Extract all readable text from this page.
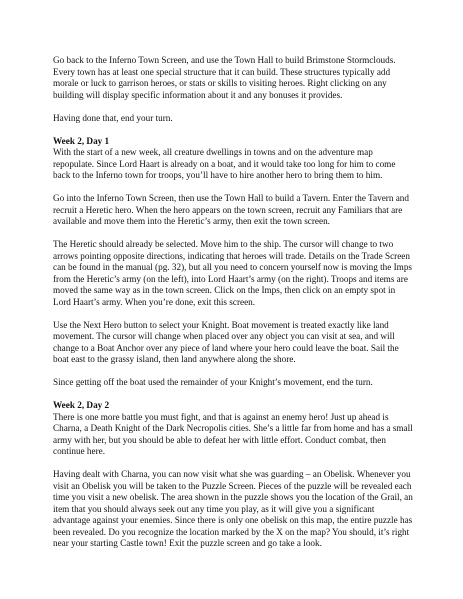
Go back to the Inferno Town Screen, and use the Town Hall to build Brimstone Stormclouds. Every town has at least one special structure that it can build. These structures typically add morale or luck to garrison heroes, or stats or skills to visiting heroes. Right clicking on any building will display specific information about it and any bonuses it provides.
Having done that, end your turn.
Week 2, Day 1
With the start of a new week, all creature dwellings in towns and on the adventure map repopulate. Since Lord Haart is already on a boat, and it would take too long for him to come back to the Inferno town for troops, you’ll have to hire another hero to bring them to him.
Go into the Inferno Town Screen, then use the Town Hall to build a Tavern. Enter the Tavern and recruit a Heretic hero. When the hero appears on the town screen, recruit any Familiars that are available and move them into the Heretic’s army, then exit the town screen.
The Heretic should already be selected. Move him to the ship. The cursor will change to two arrows pointing opposite directions, indicating that heroes will trade. Details on the Trade Screen can be found in the manual (pg. 32), but all you need to concern yourself now is moving the Imps from the Heretic’s army (on the left), into Lord Haart’s army (on the right). Troops and items are moved the same way as in the town screen. Click on the Imps, then click on an empty spot in Lord Haart’s army. When you’re done, exit this screen.
Use the Next Hero button to select your Knight. Boat movement is treated exactly like land movement. The cursor will change when placed over any object you can visit at sea, and will change to a Boat Anchor over any piece of land where your hero could leave the boat. Sail the boat east to the grassy island, then land anywhere along the shore.
Since getting off the boat used the remainder of your Knight’s movement, end the turn.
Week 2, Day 2
There is one more battle you must fight, and that is against an enemy hero! Just up ahead is Charna, a Death Knight of the Dark Necropolis cities. She’s a little far from home and has a small army with her, but you should be able to defeat her with little effort. Conduct combat, then continue here.
Having dealt with Charna, you can now visit what she was guarding – an Obelisk. Whenever you visit an Obelisk you will be taken to the Puzzle Screen. Pieces of the puzzle will be revealed each time you visit a new obelisk. The area shown in the puzzle shows you the location of the Grail, an item that you should always seek out any time you play, as it will give you a significant advantage against your enemies. Since there is only one obelisk on this map, the entire puzzle has been revealed. Do you recognize the location marked by the X on the map? You should, it’s right near your starting Castle town! Exit the puzzle screen and go take a look.
